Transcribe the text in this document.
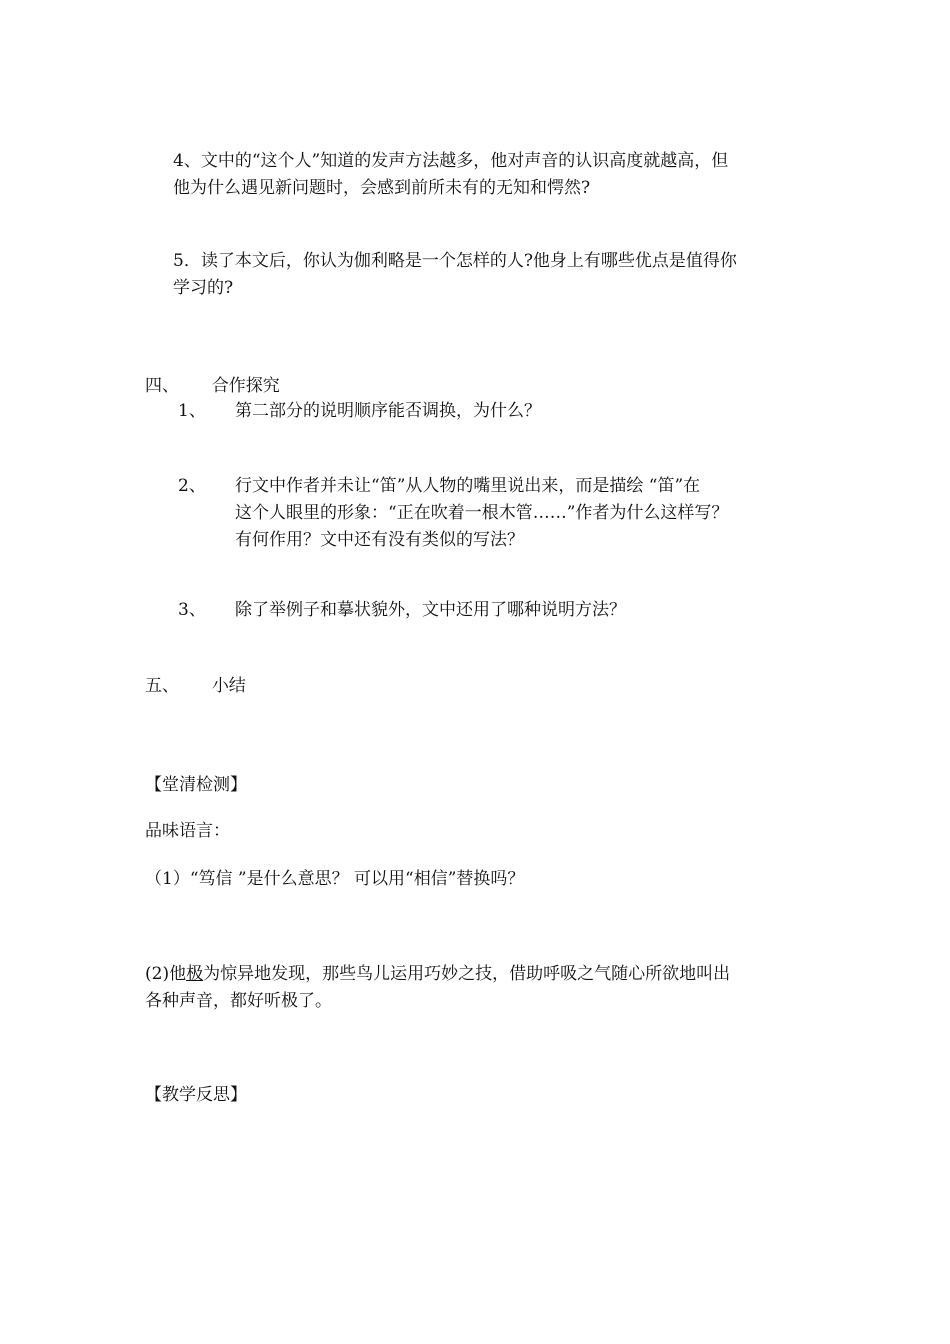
4、文中的“这个人”知道的发声方法越多，他对声音的认识高度就越高，但
他为什么遇见新问题时，会感到前所未有的无知和愕然?
5．读了本文后，你认为伽利略是一个怎样的人?他身上有哪些优点是值得你
学习的?
四、 合作探究
1、 第二部分的说明顺序能否调换，为什么？
2、 行文中作者并未让“笛”从人物的嘴里说出来，而是描绘 “笛”在
这个人眼里的形象：“正在吹着一根木管……”作者为什么这样写？
有何作用？文中还有没有类似的写法？
3、 除了举例子和摹状貌外，文中还用了哪种说明方法？
五、 小结
【堂清检测】
品味语言：
（1）“笃信 ”是什么意思？ 可以用“相信”替换吗？
(2)他极为惊异地发现，那些鸟儿运用巧妙之技，借助呼吸之气随心所欲地叫出
各种声音，都好听极了。
【教学反思】
